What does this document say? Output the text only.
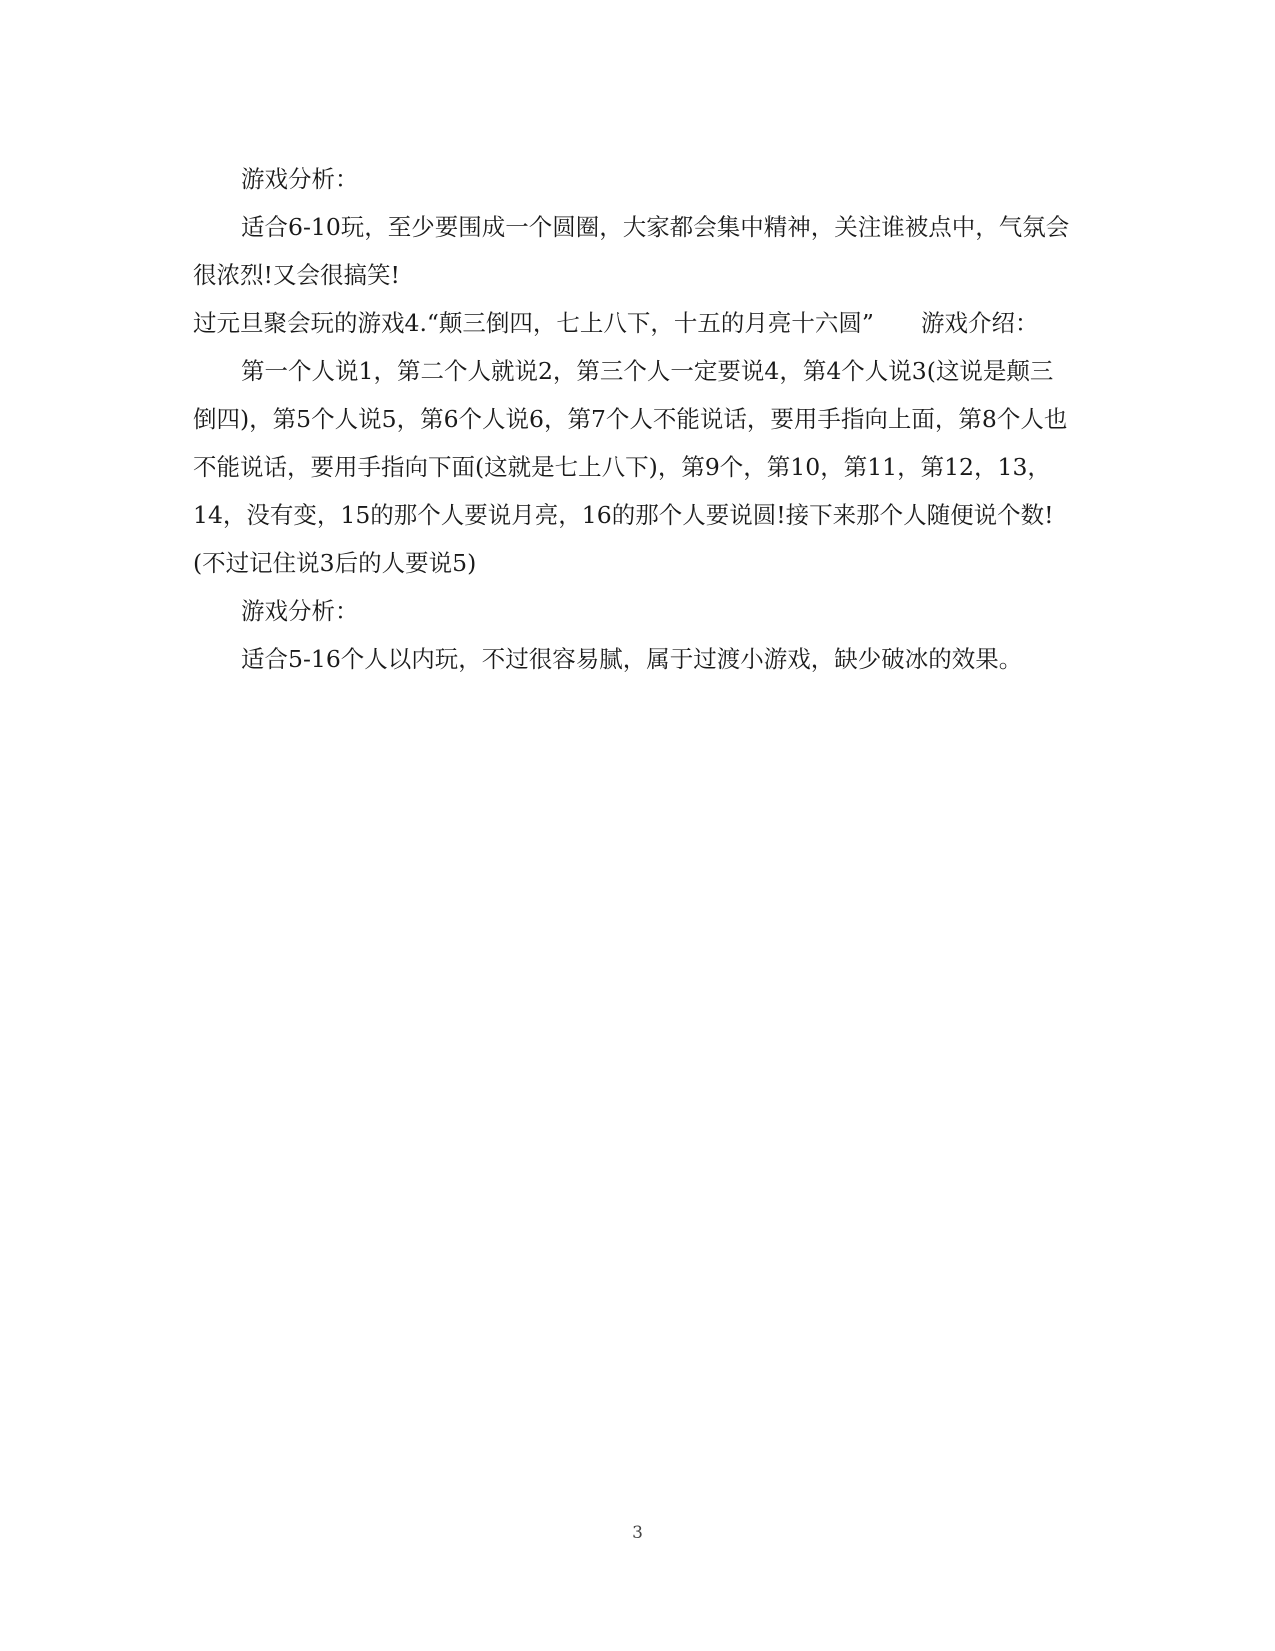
游戏分析：

适合6-10玩，至少要围成一个圆圈，大家都会集中精神，关注谁被点中，气氛会很浓烈!又会很搞笑!

过元旦聚会玩的游戏4.“颠三倒四，七上八下，十五的月亮十六圆”　　游戏介绍：

第一个人说1，第二个人就说2，第三个人一定要说4，第4个人说3(这说是颠三倒四)，第5个人说5，第6个人说6，第7个人不能说话，要用手指向上面，第8个人也不能说话，要用手指向下面(这就是七上八下)，第9个，第10，第11，第12，13，14，没有变，15的那个人要说月亮，16的那个人要说圆!接下来那个人随便说个数!(不过记住说3后的人要说5)

游戏分析：

适合5-16个人以内玩，不过很容易腻，属于过渡小游戏，缺少破冰的效果。

3
